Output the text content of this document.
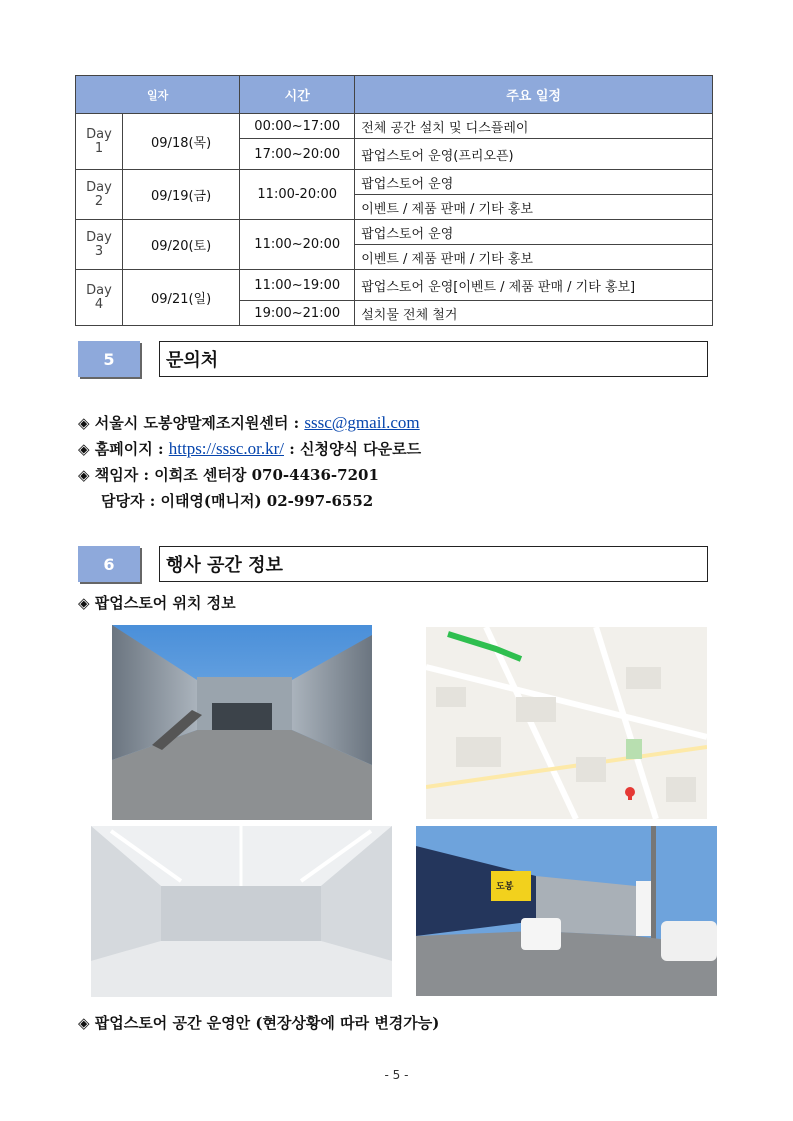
일자		시간	주요 일정
Day
1	09/18(목)	00:00~17:00	전체 공간 설치 및 디스플레이
		17:00~20:00	팝업스토어 운영(프리오픈)
Day
2	09/19(금)	11:00-20:00	팝업스토어 운영
			이벤트 / 제품 판매 / 기타 홍보
Day
3	09/20(토)	11:00~20:00	팝업스토어 운영
			이벤트 / 제품 판매 / 기타 홍보
Day
4	09/21(일)	11:00~19:00	팝업스토어 운영[이벤트 / 제품 판매 / 기타 홍보]
		19:00~21:00	설치물 전체 철거
5	문의처
◈ 서울시 도봉양말제조지원센터 : sssc@gmail.com
◈ 홈페이지 : https://sssc.or.kr/ : 신청양식 다운로드
◈ 책임자 : 이희조 센터장 070-4436-7201
담당자 : 이태영(매니저) 02-997-6552
6	행사 공간 정보
◈ 팝업스토어 위치 정보
도봉
◈ 팝업스토어 공간 운영안 (현장상황에 따라 변경가능)
- 5 -
